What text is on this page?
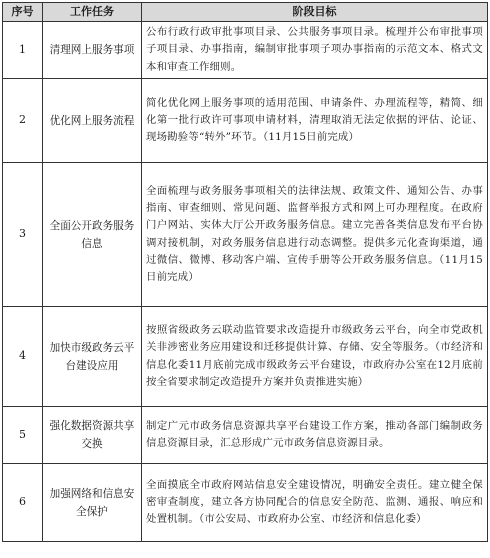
序号	工作任务	阶段目标
1	清理网上服务事项	公布行政行政审批事项目录、公共服务事项目录。梳理并公布审批事项子项目录、办事指南，编制审批事项子项办事指南的示范文本、格式文本和审查工作细则。
2	优化网上服务流程	简化优化网上服务事项的适用范围、申请条件、办理流程等，精简、细化第一批行政许可事项申请材料，清理取消无法定依据的评估、论证、现场勘验等“转外”环节。（11月15日前完成）
3	全面公开政务服务信息	全面梳理与政务服务事项相关的法律法规、政策文件、通知公告、办事指南、审查细则、常见问题、监督举报方式和网上可办理程度。在政府门户网站、实体大厅公开政务服务信息。建立完善各类信息发布平台协调对接机制，对政务服务信息进行动态调整。提供多元化查询渠道，通过微信、微博、移动客户端、宣传手册等公开政务服务信息。（11月15日前完成）
4	加快市级政务云平台建设应用	按照省级政务云联动监管要求改造提升市级政务云平台，向全市党政机关非涉密业务应用建设和迁移提供计算、存储、安全等服务。（市经济和信息化委11月底前完成市级政务云平台建设，市政府办公室在12月底前按全省要求制定改造提升方案并负责推进实施）
5	强化数据资源共享交换	制定广元市政务信息资源共享平台建设工作方案，推动各部门编制政务信息资源目录，汇总形成广元市政务信息资源目录。
6	加强网络和信息安全保护	全面摸底全市政府网站信息安全建设情况，明确安全责任。建立健全保密审查制度，建立各方协同配合的信息安全防范、监测、通报、响应和处置机制。（市公安局、市政府办公室、市经济和信息化委）
